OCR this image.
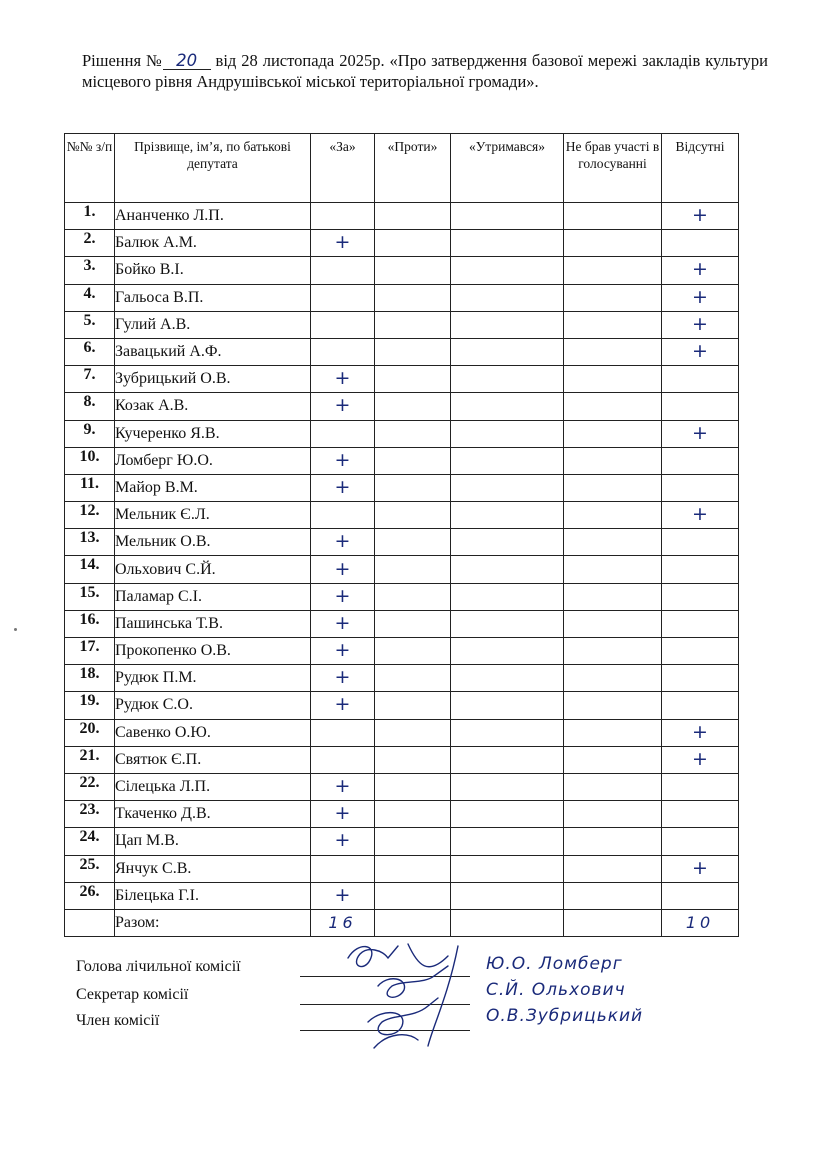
Рішення № 20 від 28 листопада 2025р. «Про затвердження базової мережі закладів культури місцевого рівня Андрушівської міської територіальної громади».
№№ з/п	Прізвище, ім’я, по батькові депутата	«За»	«Проти»	«Утримався»	Не брав участі в голосуванні	Відсутні
1.	Ананченко Л.П.					+
2.	Балюк А.М.	+				
3.	Бойко В.І.					+
4.	Гальоса В.П.					+
5.	Гулий А.В.					+
6.	Завацький А.Ф.					+
7.	Зубрицький О.В.	+				
8.	Козак А.В.	+				
9.	Кучеренко Я.В.					+
10.	Ломберг Ю.О.	+				
11.	Майор В.М.	+				
12.	Мельник Є.Л.					+
13.	Мельник О.В.	+				
14.	Ольхович С.Й.	+				
15.	Паламар С.І.	+				
16.	Пашинська Т.В.	+				
17.	Прокопенко О.В.	+				
18.	Рудюк П.М.	+				
19.	Рудюк С.О.	+				
20.	Савенко О.Ю.					+
21.	Святюк Є.П.					+
22.	Сілецька Л.П.	+				
23.	Ткаченко Д.В.	+				
24.	Цап М.В.	+				
25.	Янчук С.В.					+
26.	Білецька Г.І.	+				
	Разом:	16				10
Голова лічильної комісії	Ю.О. Ломберг
Секретар комісії	С.Й. Ольхович
Член комісії	О.В.Зубрицький
